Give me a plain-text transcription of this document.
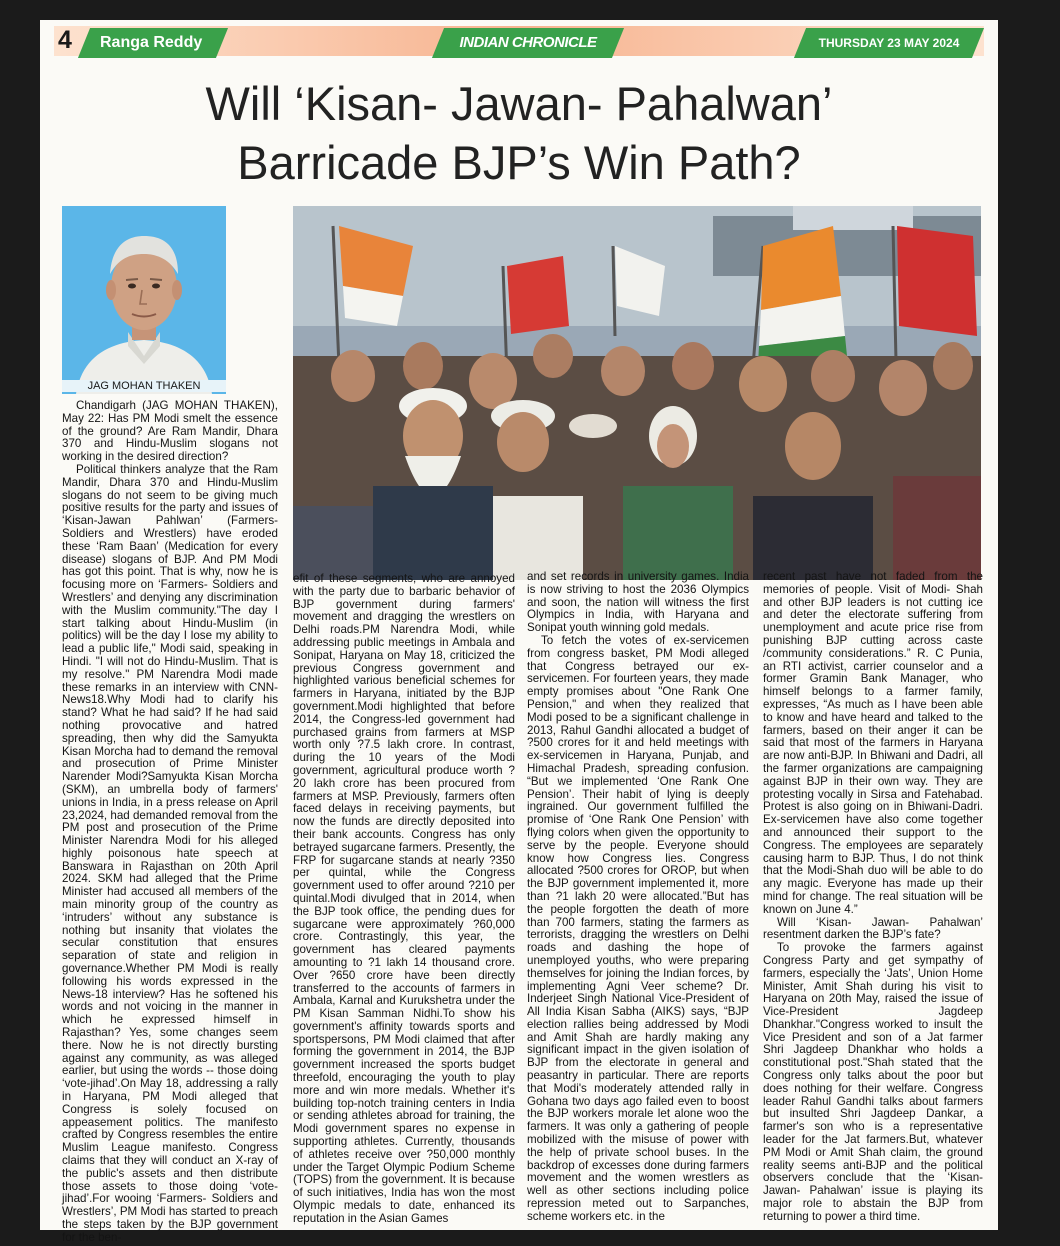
4	Ranga Reddy	INDIAN CHRONICLE	THURSDAY 23 MAY 2024
Will ‘Kisan- Jawan- Pahalwan’
Barricade BJP’s Win Path?
JAG MOHAN THAKEN

Chandigarh (JAG MOHAN THAKEN), May 22: Has PM Modi smelt the essence of the ground? Are Ram Mandir, Dhara 370 and Hindu-Muslim slogans not working in the desired direction?

Political thinkers analyze that the Ram Mandir, Dhara 370 and Hindu-Muslim slogans do not seem to be giving much positive results for the party and issues of ‘Kisan-Jawan Pahlwan’ (Farmers- Soldiers and Wrestlers) have eroded these ‘Ram Baan’ (Medication for every disease) slogans of BJP. And PM Modi has got this point. That is why, now he is focusing more on ‘Farmers- Soldiers and Wrestlers’ and denying any discrimination with the Muslim community."The day I start talking about Hindu-Muslim (in politics) will be the day I lose my ability to lead a public life," Modi said, speaking in Hindi. "I will not do Hindu-Muslim. That is my resolve." PM Narendra Modi made these remarks in an interview with CNN-News18.Why Modi had to clarify his stand? What he had said? If he had said nothing provocative and hatred spreading, then why did the Samyukta Kisan Morcha had to demand the removal and prosecution of Prime Minister Narender Modi?Samyukta Kisan Morcha (SKM), an umbrella body of farmers' unions in India, in a press release on April 23,2024, had demanded removal from the PM post and prosecution of the Prime Minister Narendra Modi for his alleged highly poisonous hate speech at Banswara in Rajasthan on 20th April 2024. SKM had alleged that the Prime Minister had accused all members of the main minority group of the country as ‘intruders’ without any substance is nothing but insanity that violates the secular constitution that ensures separation of state and religion in governance.Whether PM Modi is really following his words expressed in the News-18 interview? Has he softened his words and not voicing in the manner in which he expressed himself in Rajasthan? Yes, some changes seem there. Now he is not directly bursting against any community, as was alleged earlier, but using the words -- those doing ‘vote-jihad’.On May 18, addressing a rally in Haryana, PM Modi alleged that Congress is solely focused on appeasement politics. The manifesto crafted by Congress resembles the entire Muslim League manifesto. Congress claims that they will conduct an X-ray of the public's assets and then distribute those assets to those doing ‘vote-jihad’.For wooing ‘Farmers- Soldiers and Wrestlers’, PM Modi has started to preach the steps taken by the BJP government for the ben-

efit of these segments, who are annoyed with the party due to barbaric behavior of BJP government during farmers' movement and dragging the wrestlers on Delhi roads.PM Narendra Modi, while addressing public meetings in Ambala and Sonipat, Haryana on May 18, criticized the previous Congress government and highlighted various beneficial schemes for farmers in Haryana, initiated by the BJP government.Modi highlighted that before 2014, the Congress-led government had purchased grains from farmers at MSP worth only ?7.5 lakh crore. In contrast, during the 10 years of the Modi government, agricultural produce worth ?20 lakh crore has been procured from farmers at MSP. Previously, farmers often faced delays in receiving payments, but now the funds are directly deposited into their bank accounts. Congress has only betrayed sugarcane farmers. Presently, the FRP for sugarcane stands at nearly ?350 per quintal, while the Congress government used to offer around ?210 per quintal.Modi divulged that in 2014, when the BJP took office, the pending dues for sugarcane were approximately ?60,000 crore. Contrastingly, this year, the government has cleared payments amounting to ?1 lakh 14 thousand crore. Over ?650 crore have been directly transferred to the accounts of farmers in Ambala, Karnal and Kurukshetra under the PM Kisan Samman Nidhi.To show his government's affinity towards sports and sportspersons, PM Modi claimed that after forming the government in 2014, the BJP government increased the sports budget threefold, encouraging the youth to play more and win more medals. Whether it's building top-notch training centers in India or sending athletes abroad for training, the Modi government spares no expense in supporting athletes. Currently, thousands of athletes receive over ?50,000 monthly under the Target Olympic Podium Scheme (TOPS) from the government. It is because of such initiatives, India has won the most Olympic medals to date, enhanced its reputation in the Asian Games

and set records in university games. India is now striving to host the 2036 Olympics and soon, the nation will witness the first Olympics in India, with Haryana and Sonipat youth winning gold medals.

To fetch the votes of ex-servicemen from congress basket, PM Modi alleged that Congress betrayed our ex-servicemen. For fourteen years, they made empty promises about "One Rank One Pension," and when they realized that Modi posed to be a significant challenge in 2013, Rahul Gandhi allocated a budget of ?500 crores for it and held meetings with ex-servicemen in Haryana, Punjab, and Himachal Pradesh, spreading confusion. “But we implemented ‘One Rank One Pension’. Their habit of lying is deeply ingrained. Our government fulfilled the promise of ‘One Rank One Pension’ with flying colors when given the opportunity to serve by the people. Everyone should know how Congress lies. Congress allocated ?500 crores for OROP, but when the BJP government implemented it, more than ?1 lakh 20 were allocated.”But has the people forgotten the death of more than 700 farmers, stating the farmers as terrorists, dragging the wrestlers on Delhi roads and dashing the hope of unemployed youths, who were preparing themselves for joining the Indian forces, by implementing Agni Veer scheme? Dr. Inderjeet Singh National Vice-President of All India Kisan Sabha (AIKS) says, “BJP election rallies being addressed by Modi and Amit Shah are hardly making any significant impact in the given isolation of BJP from the electorate in general and peasantry in particular. There are reports that Modi's moderately attended rally in Gohana two days ago failed even to boost the BJP workers morale let alone woo the farmers. It was only a gathering of people mobilized with the misuse of power with the help of private school buses. In the backdrop of excesses done during farmers movement and the women wrestlers as well as other sections including police repression meted out to Sarpanches, scheme workers etc. in the

recent past have not faded from the memories of people. Visit of Modi- Shah and other BJP leaders is not cutting ice and deter the electorate suffering from unemployment and acute price rise from punishing BJP cutting across caste /community considerations.” R. C Punia, an RTI activist, carrier counselor and a former Gramin Bank Manager, who himself belongs to a farmer family, expresses, “As much as I have been able to know and have heard and talked to the farmers, based on their anger it can be said that most of the farmers in Haryana are now anti-BJP. In Bhiwani and Dadri, all the farmer organizations are campaigning against BJP in their own way. They are protesting vocally in Sirsa and Fatehabad. Protest is also going on in Bhiwani-Dadri. Ex-servicemen have also come together and announced their support to the Congress. The employees are separately causing harm to BJP. Thus, I do not think that the Modi-Shah duo will be able to do any magic. Everyone has made up their mind for change. The real situation will be known on June 4.”

Will ‘Kisan- Jawan- Pahalwan’ resentment darken the BJP’s fate?

To provoke the farmers against Congress Party and get sympathy of farmers, especially the ‘Jats’, Union Home Minister, Amit Shah during his visit to Haryana on 20th May, raised the issue of Vice-President Jagdeep Dhankhar."Congress worked to insult the Vice President and son of a Jat farmer Shri Jagdeep Dhankhar who holds a constitutional post."Shah stated that the Congress only talks about the poor but does nothing for their welfare. Congress leader Rahul Gandhi talks about farmers but insulted Shri Jagdeep Dankar, a farmer's son who is a representative leader for the Jat farmers.But, whatever PM Modi or Amit Shah claim, the ground reality seems anti-BJP and the political observers conclude that the ‘Kisan- Jawan- Pahalwan’ issue is playing its major role to abstain the BJP from returning to power a third time.
